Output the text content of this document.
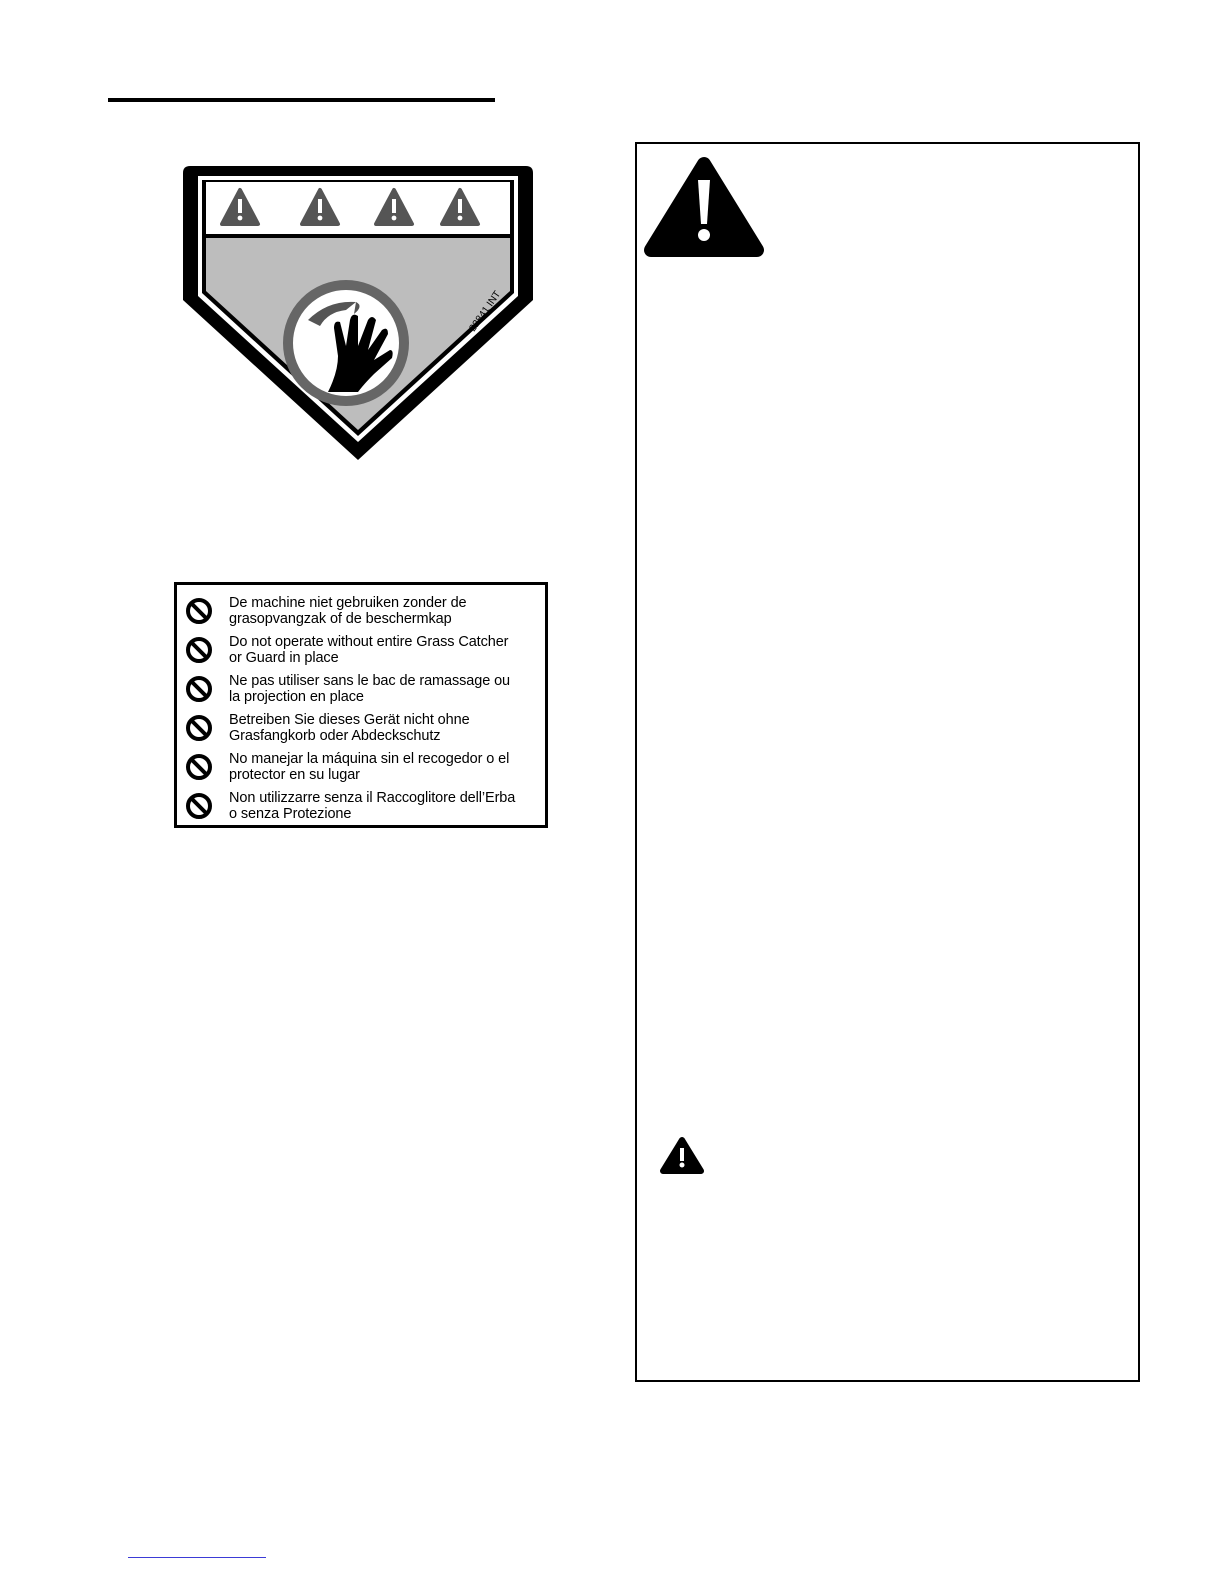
22841 INT
De machine niet gebruiken zonder de
grasopvangzak of de beschermkap
Do not operate without entire Grass Catcher
or Guard in place
Ne pas utiliser sans le bac de ramassage ou
la projection en place
Betreiben Sie dieses Gerät nicht ohne
Grasfangkorb oder Abdeckschutz
No manejar la máquina sin el recogedor o el
protector en su lugar
Non utilizzarre senza il Raccoglitore dell’Erba
o senza Protezione
